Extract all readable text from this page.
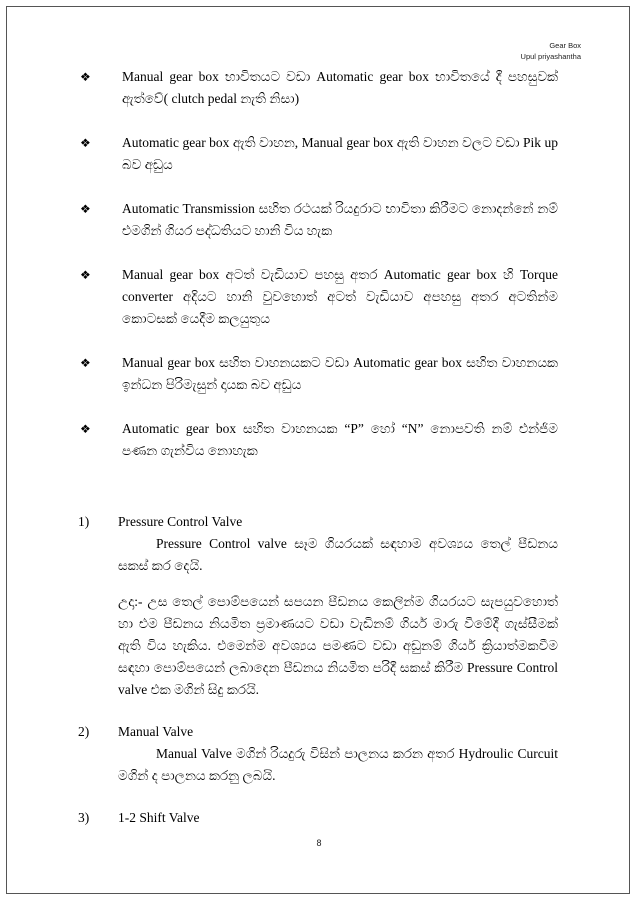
Gear Box
Upul priyashantha
❖	Manual gear box භාවිතයට වඩා Automatic gear box භාවිතයේ දී පහසුවක් ඇත්වේ( clutch pedal නැති නිසා)
❖	Automatic gear box ඇති වාහන, Manual gear box ඇති වාහන වලට වඩා Pik up බව අඩුය
❖	Automatic Transmission සහිත රථයක් රියදුරාට භාවිතා කිරීමට නොදන්නේ නම් එමගින් ගියර පද්ධතියට හානි විය හැක
❖	Manual gear box අටත් වැඩියාව පහසු අතර Automatic gear box හි Torque converter අදියට හානි වුවහොත් අටත් වැඩියාව අපහසු අතර අටතින්ම කොටසක් යෙදීම කලයුතුය
❖	Manual gear box සහිත වාහනයකට වඩා Automatic gear box සහිත වාහනයක ඉන්ධන පිරිමැසුන් දායක බව අඩුය
❖	Automatic gear box සහිත වාහනයක “P” හෝ “N” නොපවති නම් එන්ජිම පණන ගැන්විය නොහැක
1)	Pressure Control Valve
Pressure Control valve සෑම ගියරයක් සඳහාම අවශ්‍යය තෙල් පීඩනය සකස් කර දෙයි.
උදා:- උස තෙල් පොම්පයෙන් සපයන පීඩනය කෙලින්ම ගියරයට සැපයුවහොත් හා එම පීඩනය නියමිත ප්‍රමාණයට වඩා වැඩිනම් ගියර් මාරු වීමේදී ගැස්සීමක් ඇති විය හැකිය. එමෙන්ම අවශ්‍යය පමණට වඩා අඩුනම් ගියර් ක්‍රියාත්මකවීම සඳහා පොම්පයෙන් ලබාදෙන පීඩනය නියමිත පරිදී සකස් කිරීම Pressure Control valve එක මගින් සිදු කරයි.
2)	Manual Valve
Manual Valve මගින් රියදුරු විසින් පාලනය කරන අතර Hydroulic Curcuit මගින් ද පාලනය කරනු ලබයි.
3)	1-2 Shift Valve
8
